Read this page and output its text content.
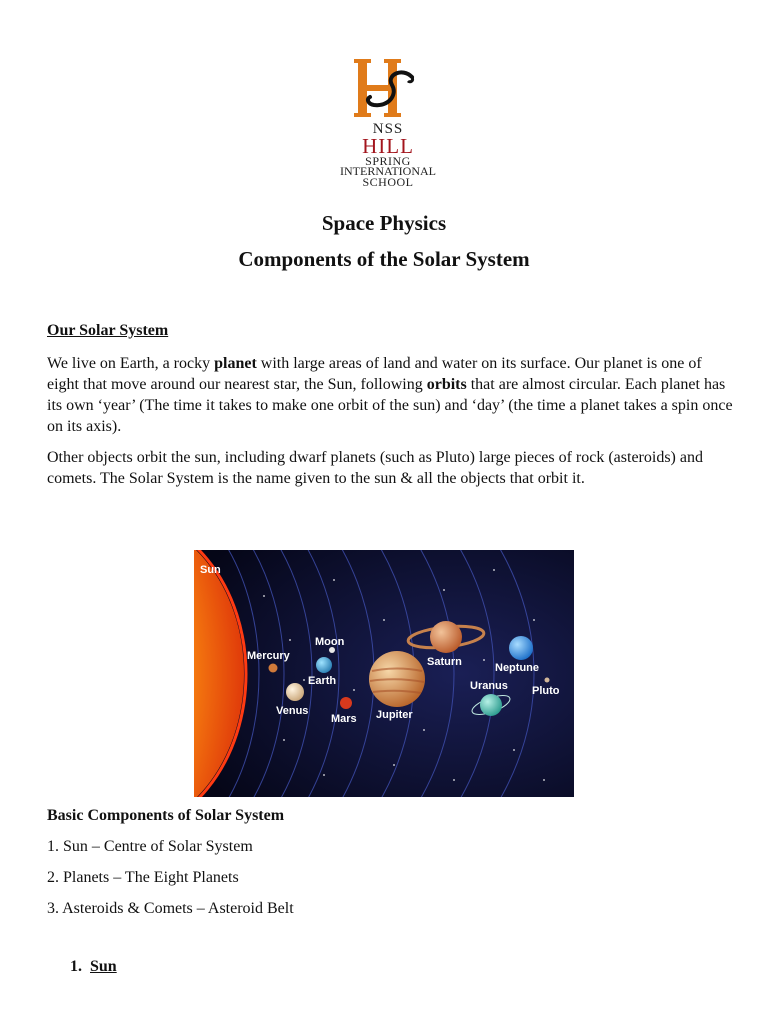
NSS
HILL
SPRING
INTERNATIONAL
SCHOOL
Space Physics
Components of the Solar System
Our Solar System
We live on Earth, a rocky planet with large areas of land and water on its surface. Our planet is one of eight that move around our nearest star, the Sun, following orbits that are almost circular. Each planet has its own ‘year’ (The time it takes to make one orbit of the sun) and ‘day’ (the time a planet takes a spin once on its axis).
Other objects orbit the sun, including dwarf planets (such as Pluto) large pieces of rock (asteroids) and comets. The Solar System is the name given to the sun & all the objects that orbit it.
Sun
Mercury
Moon
Earth
Venus
Mars Jupiter
Saturn	Neptune
Uranus Pluto
Basic Components of Solar System
1. Sun – Centre of Solar System
2. Planets – The Eight Planets
3. Asteroids & Comets – Asteroid Belt
1. Sun
